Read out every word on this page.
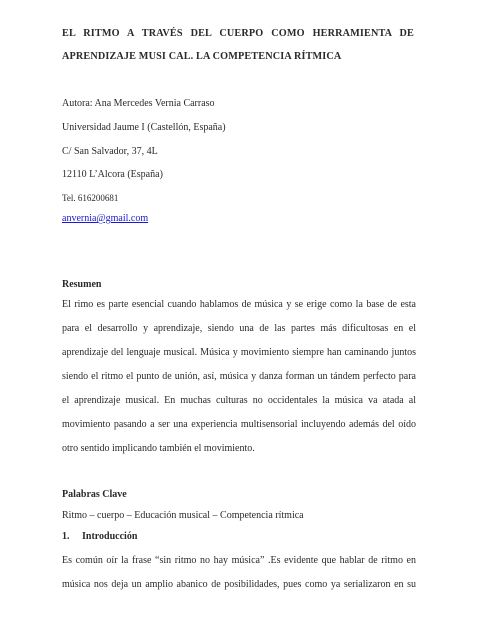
EL RITMO A TRAVÉS DEL CUERPO COMO HERRAMIENTA DE
APRENDIZAJE MUSI CAL. LA COMPETENCIA RÍTMICA
Autora: Ana Mercedes Vernia Carraso
Universidad Jaume I (Castellón, España)
C/ San Salvador, 37, 4L
12110 L’Alcora (España)
Tel. 616200681
anvernia@gmail.com
Resumen
El rimo es parte esencial cuando hablamos de música y se erige como la base de esta
para el desarrollo y aprendizaje, siendo una de las partes más dificultosas en el
aprendizaje del lenguaje musical. Música y movimiento siempre han caminando juntos
siendo el ritmo el punto de unión, así, música y danza forman un tándem perfecto para
el aprendizaje musical. En muchas culturas no occidentales la música va atada al
movimiento pasando a ser una experiencia multisensorial incluyendo además del oído
otro sentido implicando también el movimiento.
Palabras Clave
Ritmo – cuerpo – Educación musical – Competencia rítmica
1. Introducción
Es común oír la frase “sin ritmo no hay música” .Es evidente que hablar de ritmo en
música nos deja un amplio abanico de posibilidades, pues como ya serializaron en su
